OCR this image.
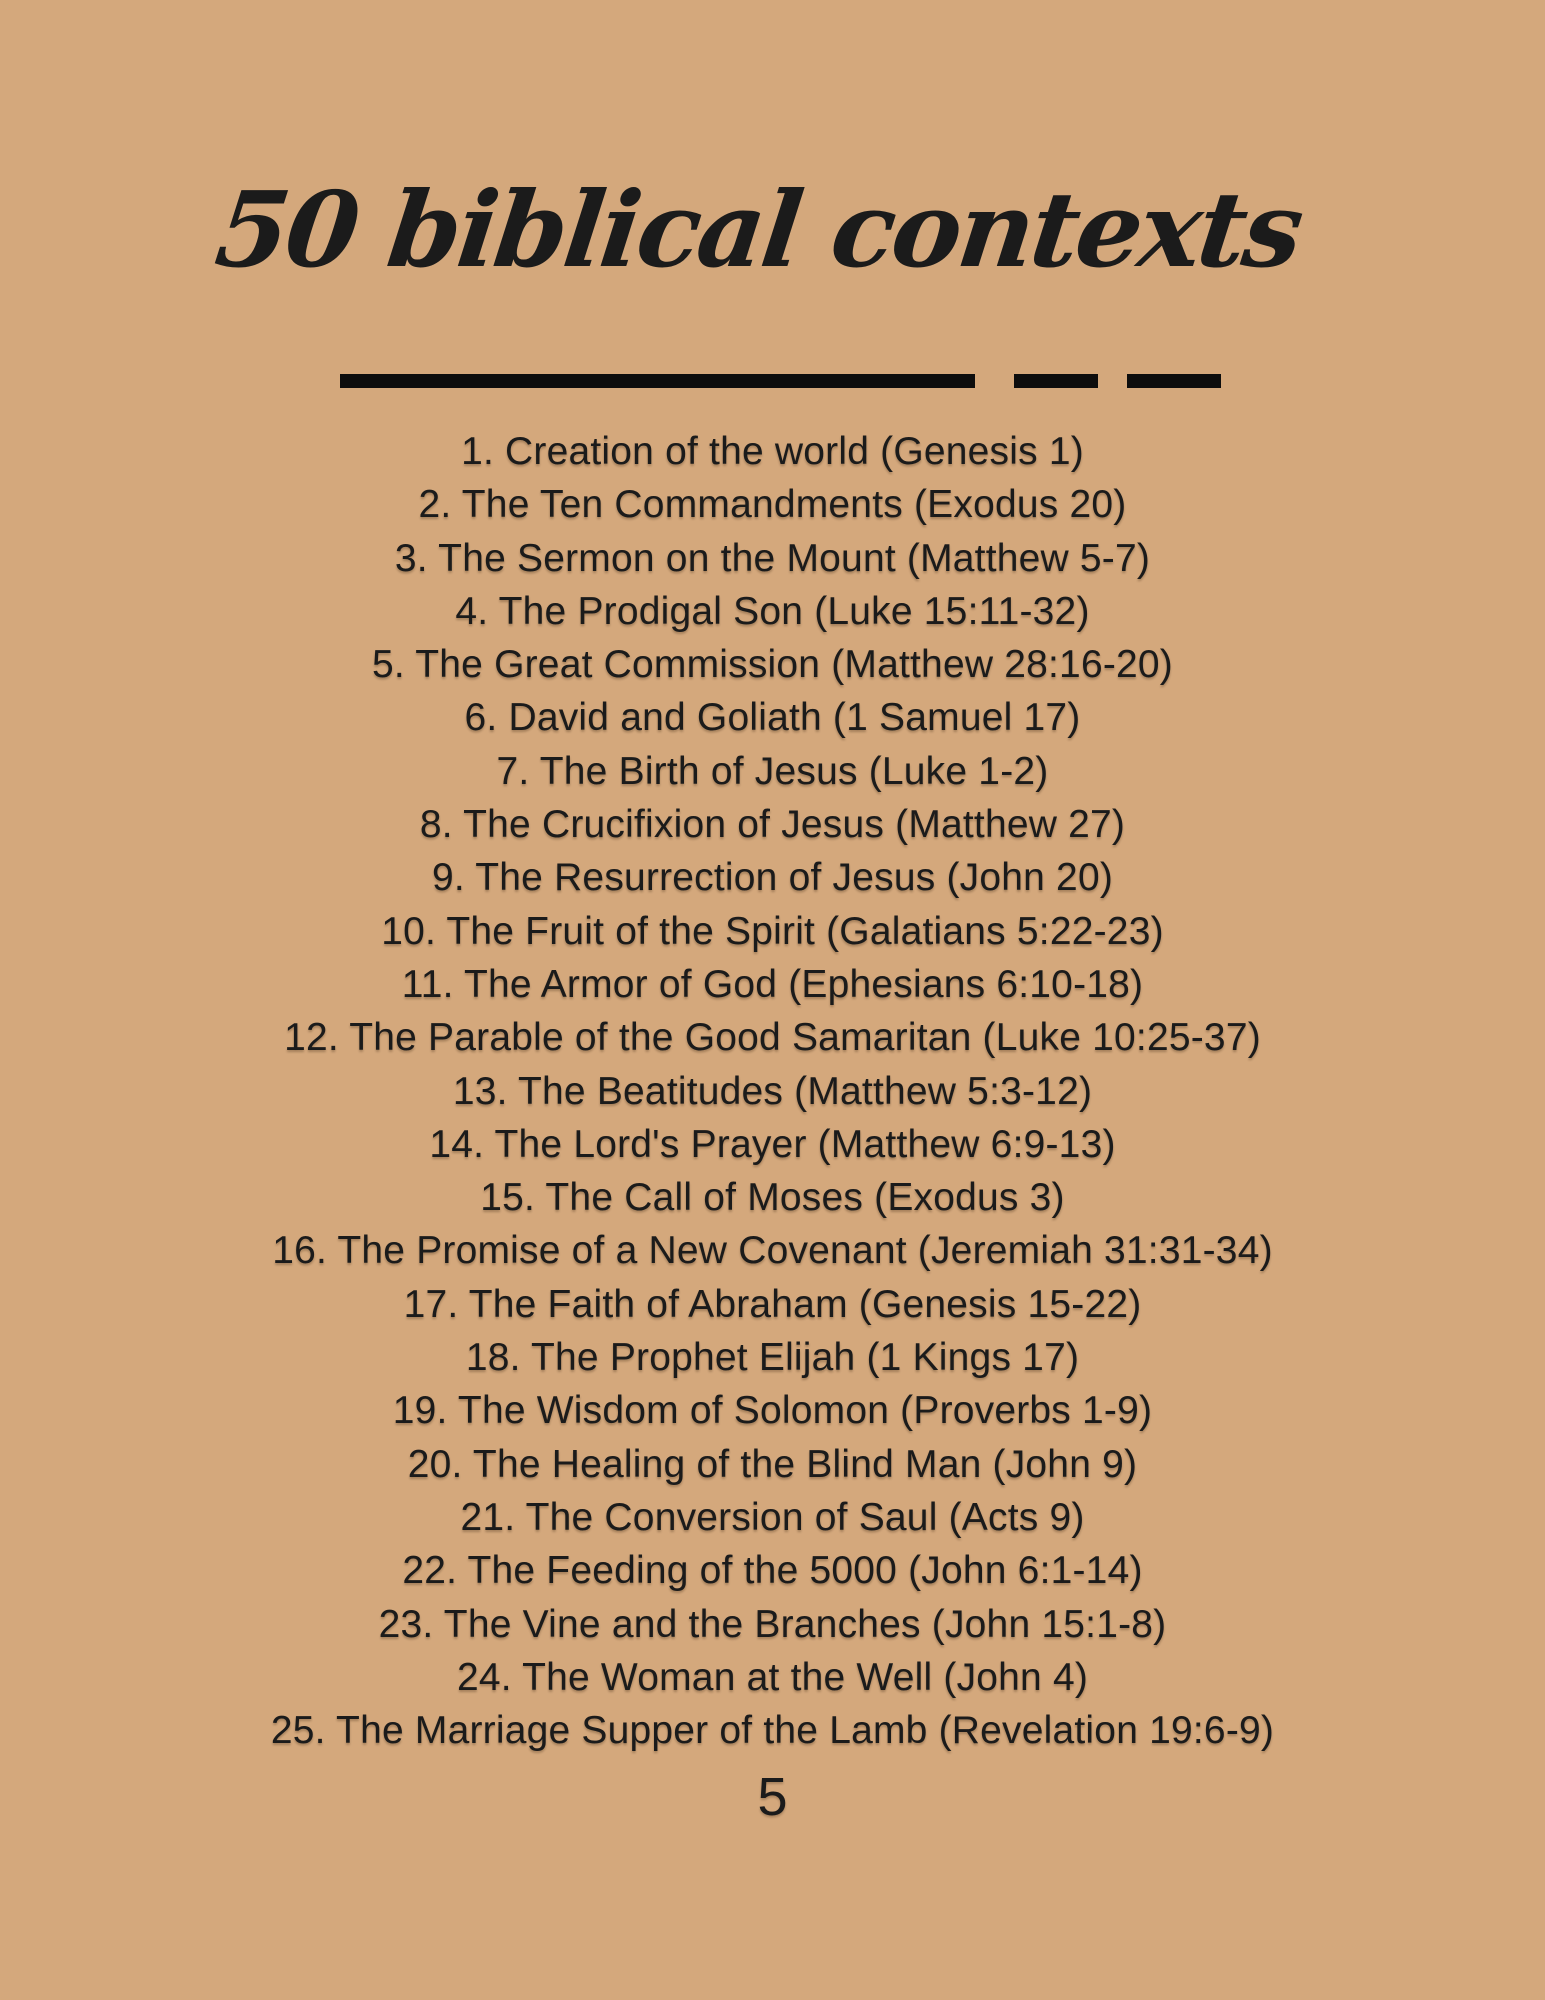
50 biblical contexts
1. Creation of the world (Genesis 1)
2. The Ten Commandments (Exodus 20)
3. The Sermon on the Mount (Matthew 5-7)
4. The Prodigal Son (Luke 15:11-32)
5. The Great Commission (Matthew 28:16-20)
6. David and Goliath (1 Samuel 17)
7. The Birth of Jesus (Luke 1-2)
8. The Crucifixion of Jesus (Matthew 27)
9. The Resurrection of Jesus (John 20)
10. The Fruit of the Spirit (Galatians 5:22-23)
11. The Armor of God (Ephesians 6:10-18)
12. The Parable of the Good Samaritan (Luke 10:25-37)
13. The Beatitudes (Matthew 5:3-12)
14. The Lord's Prayer (Matthew 6:9-13)
15. The Call of Moses (Exodus 3)
16. The Promise of a New Covenant (Jeremiah 31:31-34)
17. The Faith of Abraham (Genesis 15-22)
18. The Prophet Elijah (1 Kings 17)
19. The Wisdom of Solomon (Proverbs 1-9)
20. The Healing of the Blind Man (John 9)
21. The Conversion of Saul (Acts 9)
22. The Feeding of the 5000 (John 6:1-14)
23. The Vine and the Branches (John 15:1-8)
24. The Woman at the Well (John 4)
25. The Marriage Supper of the Lamb (Revelation 19:6-9)
5
